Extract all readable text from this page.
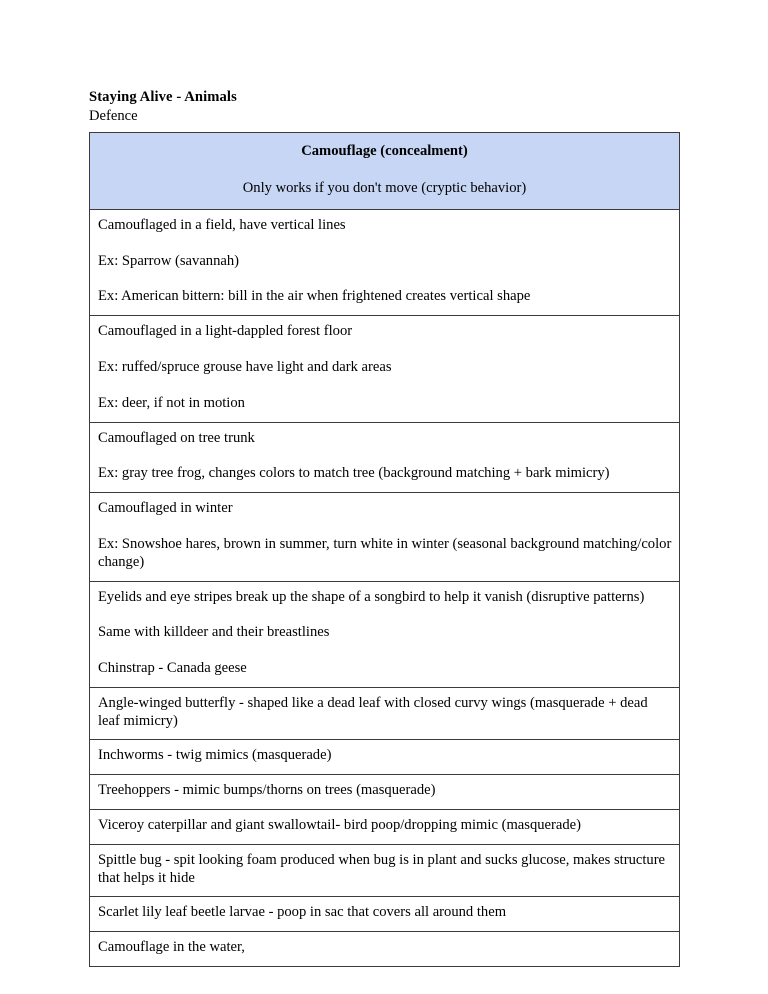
Staying Alive - Animals
Defence

Camouflage (concealment)

Only works if you don't move (cryptic behavior)

Camouflaged in a field, have vertical lines

Ex: Sparrow (savannah)

Ex: American bittern: bill in the air when frightened creates vertical shape

Camouflaged in a light-dappled forest floor

Ex: ruffed/spruce grouse have light and dark areas

Ex: deer, if not in motion

Camouflaged on tree trunk

Ex: gray tree frog, changes colors to match tree (background matching + bark mimicry)

Camouflaged in winter

Ex: Snowshoe hares, brown in summer, turn white in winter (seasonal background matching/color change)

Eyelids and eye stripes break up the shape of a songbird to help it vanish (disruptive patterns)

Same with killdeer and their breastlines

Chinstrap - Canada geese

Angle-winged butterfly - shaped like a dead leaf with closed curvy wings (masquerade + dead leaf mimicry)

Inchworms - twig mimics (masquerade)

Treehoppers - mimic bumps/thorns on trees (masquerade)

Viceroy caterpillar and giant swallowtail- bird poop/dropping mimic (masquerade)

Spittle bug - spit looking foam produced when bug is in plant and sucks glucose, makes structure that helps it hide

Scarlet lily leaf beetle larvae - poop in sac that covers all around them

Camouflage in the water,
